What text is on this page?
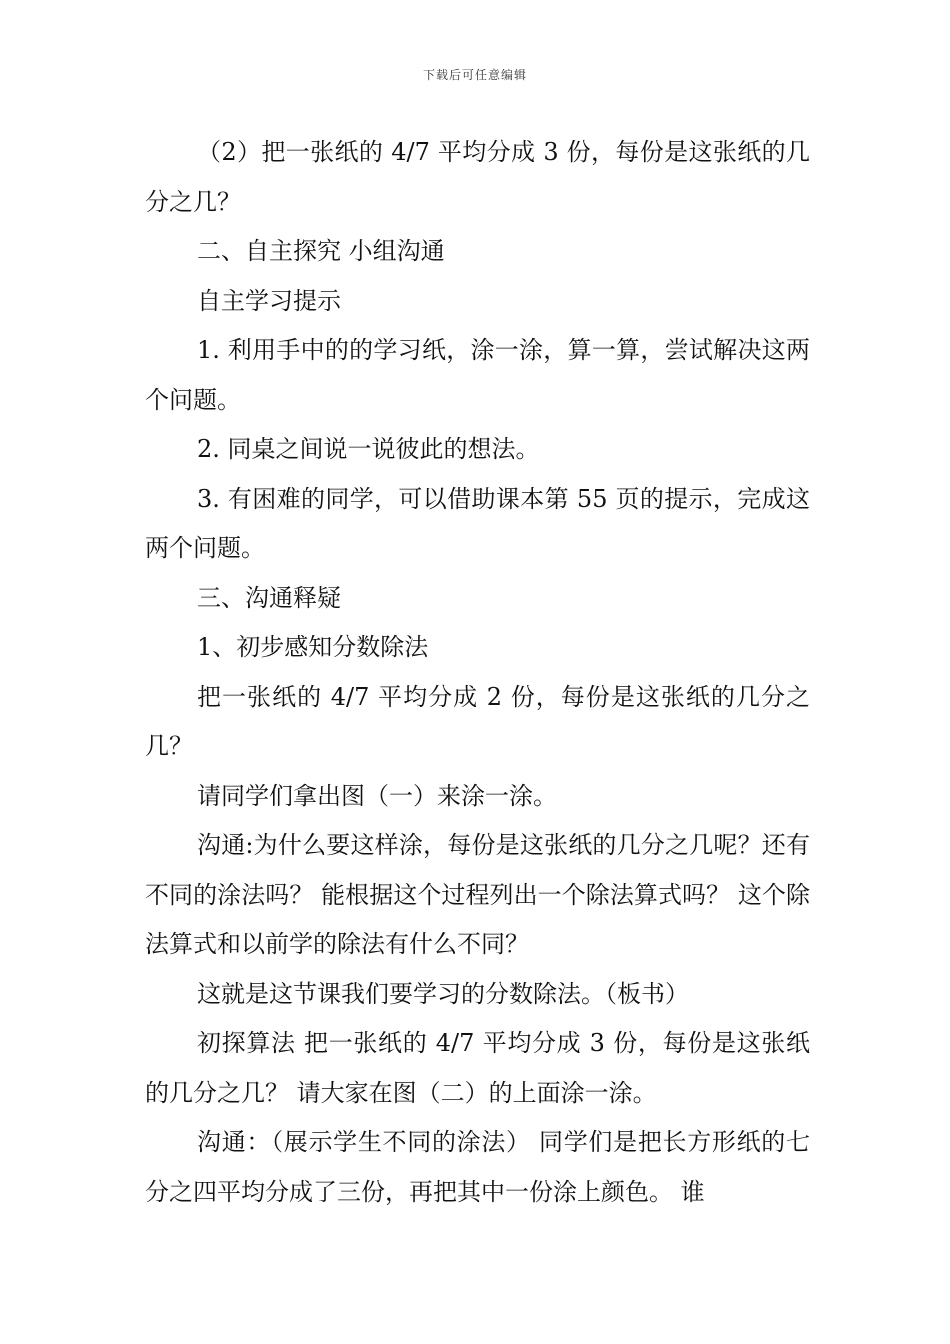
下载后可任意编辑

（2）把一张纸的 4/7 平均分成 3 份，每份是这张纸的几分之几？

二、自主探究 小组沟通

自主学习提示

1. 利用手中的的学习纸，涂一涂，算一算，尝试解决这两个问题。

2. 同桌之间说一说彼此的想法。

3. 有困难的同学，可以借助课本第 55 页的提示，完成这两个问题。

三、沟通释疑

1、初步感知分数除法

把一张纸的 4/7 平均分成 2 份，每份是这张纸的几分之几？

请同学们拿出图（一）来涂一涂。

沟通:为什么要这样涂，每份是这张纸的几分之几呢？还有不同的涂法吗？ 能根据这个过程列出一个除法算式吗？ 这个除法算式和以前学的除法有什么不同？

这就是这节课我们要学习的分数除法。（板书）

初探算法 把一张纸的 4/7 平均分成 3 份，每份是这张纸的几分之几？ 请大家在图（二）的上面涂一涂。

沟通：（展示学生不同的涂法） 同学们是把长方形纸的七分之四平均分成了三份，再把其中一份涂上颜色。 谁
